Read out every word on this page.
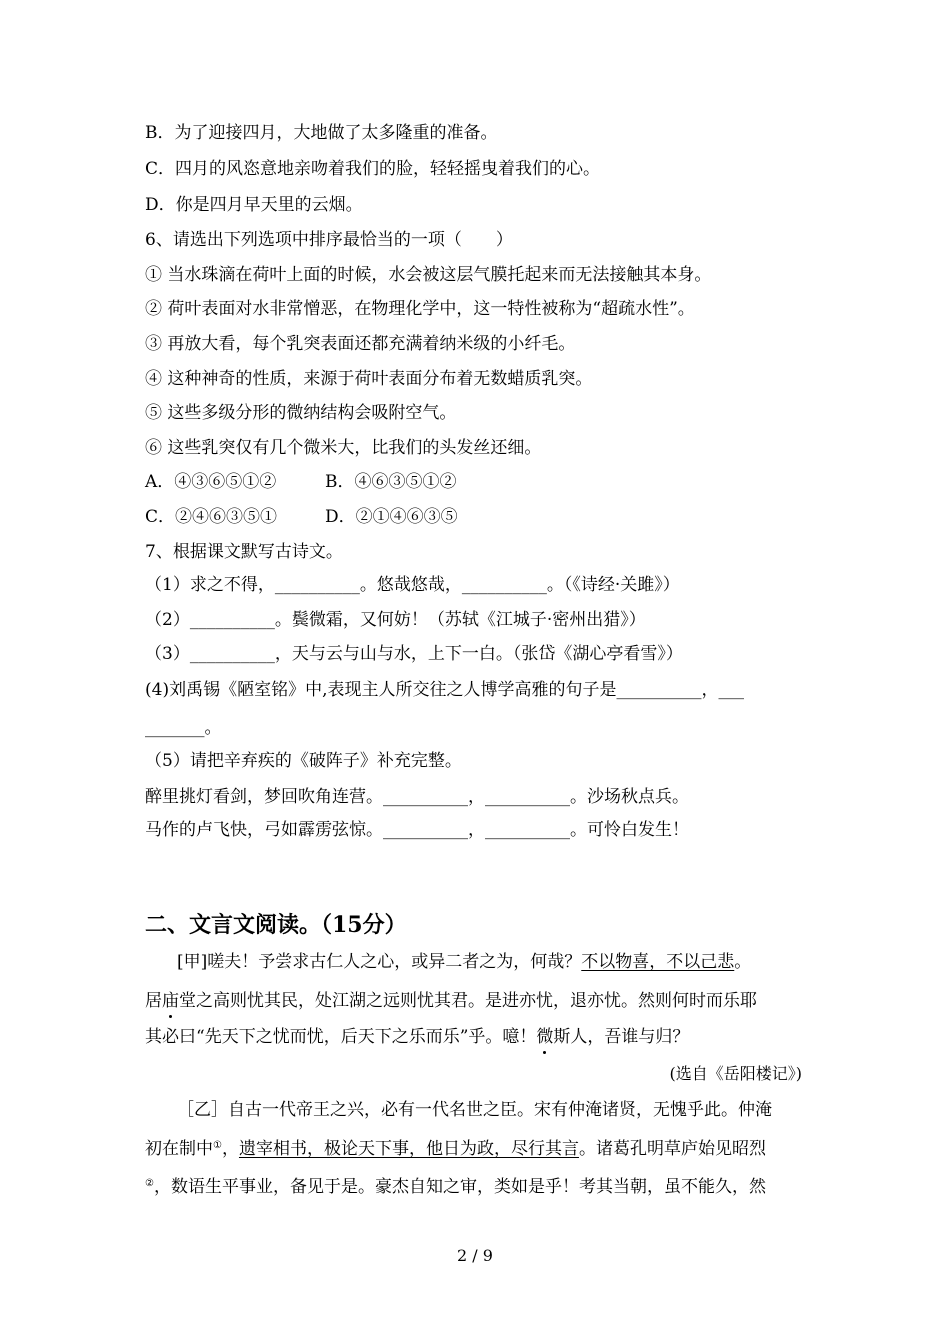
B．为了迎接四月，大地做了太多隆重的准备。
C．四月的风恣意地亲吻着我们的脸，轻轻摇曳着我们的心。
D．你是四月早天里的云烟。
6、请选出下列选项中排序最恰当的一项（　　）
① 当水珠滴在荷叶上面的时候，水会被这层气膜托起来而无法接触其本身。
② 荷叶表面对水非常憎恶，在物理化学中，这一特性被称为“超疏水性”。
③ 再放大看，每个乳突表面还都充满着纳米级的小纤毛。
④ 这种神奇的性质，来源于荷叶表面分布着无数蜡质乳突。
⑤ 这些多级分形的微纳结构会吸附空气。
⑥ 这些乳突仅有几个微米大，比我们的头发丝还细。
A．④③⑥⑤①②	B．④⑥③⑤①②
C．②④⑥③⑤①	D．②①④⑥③⑤
7、根据课文默写古诗文。
（1）求之不得，__________。悠哉悠哉，__________。（《诗经·关雎》）
（2）__________。鬓微霜，又何妨！（苏轼《江城子·密州出猎》）
（3）__________，天与云与山与水，上下一白。（张岱《湖心亭看雪》）
(4)刘禹锡《陋室铭》中,表现主人所交往之人博学高雅的句子是__________，___
_______。
（5）请把辛弃疾的《破阵子》补充完整。
醉里挑灯看剑，梦回吹角连营。__________，__________。沙场秋点兵。
马作的卢飞快，弓如霹雳弦惊。__________，__________。可怜白发生！
二、文言文阅读。（15分）
[甲]嗟夫！予尝求古仁人之心，或异二者之为，何哉？不以物喜，不以己悲。
居庙堂之高则忧其民，处江湖之远则忧其君。是进亦忧，退亦忧。然则何时而乐耶
其必曰“先天下之忧而忧，后天下之乐而乐”乎。噫！微斯人，吾谁与归？
(选自《岳阳楼记》)
［乙］自古一代帝王之兴，必有一代名世之臣。宋有仲淹诸贤，无愧乎此。仲淹
初在制中①，遗宰相书，极论天下事，他日为政，尽行其言。诸葛孔明草庐始见昭烈
②，数语生平事业，备见于是。豪杰自知之审，类如是乎！考其当朝，虽不能久，然
2 / 9
